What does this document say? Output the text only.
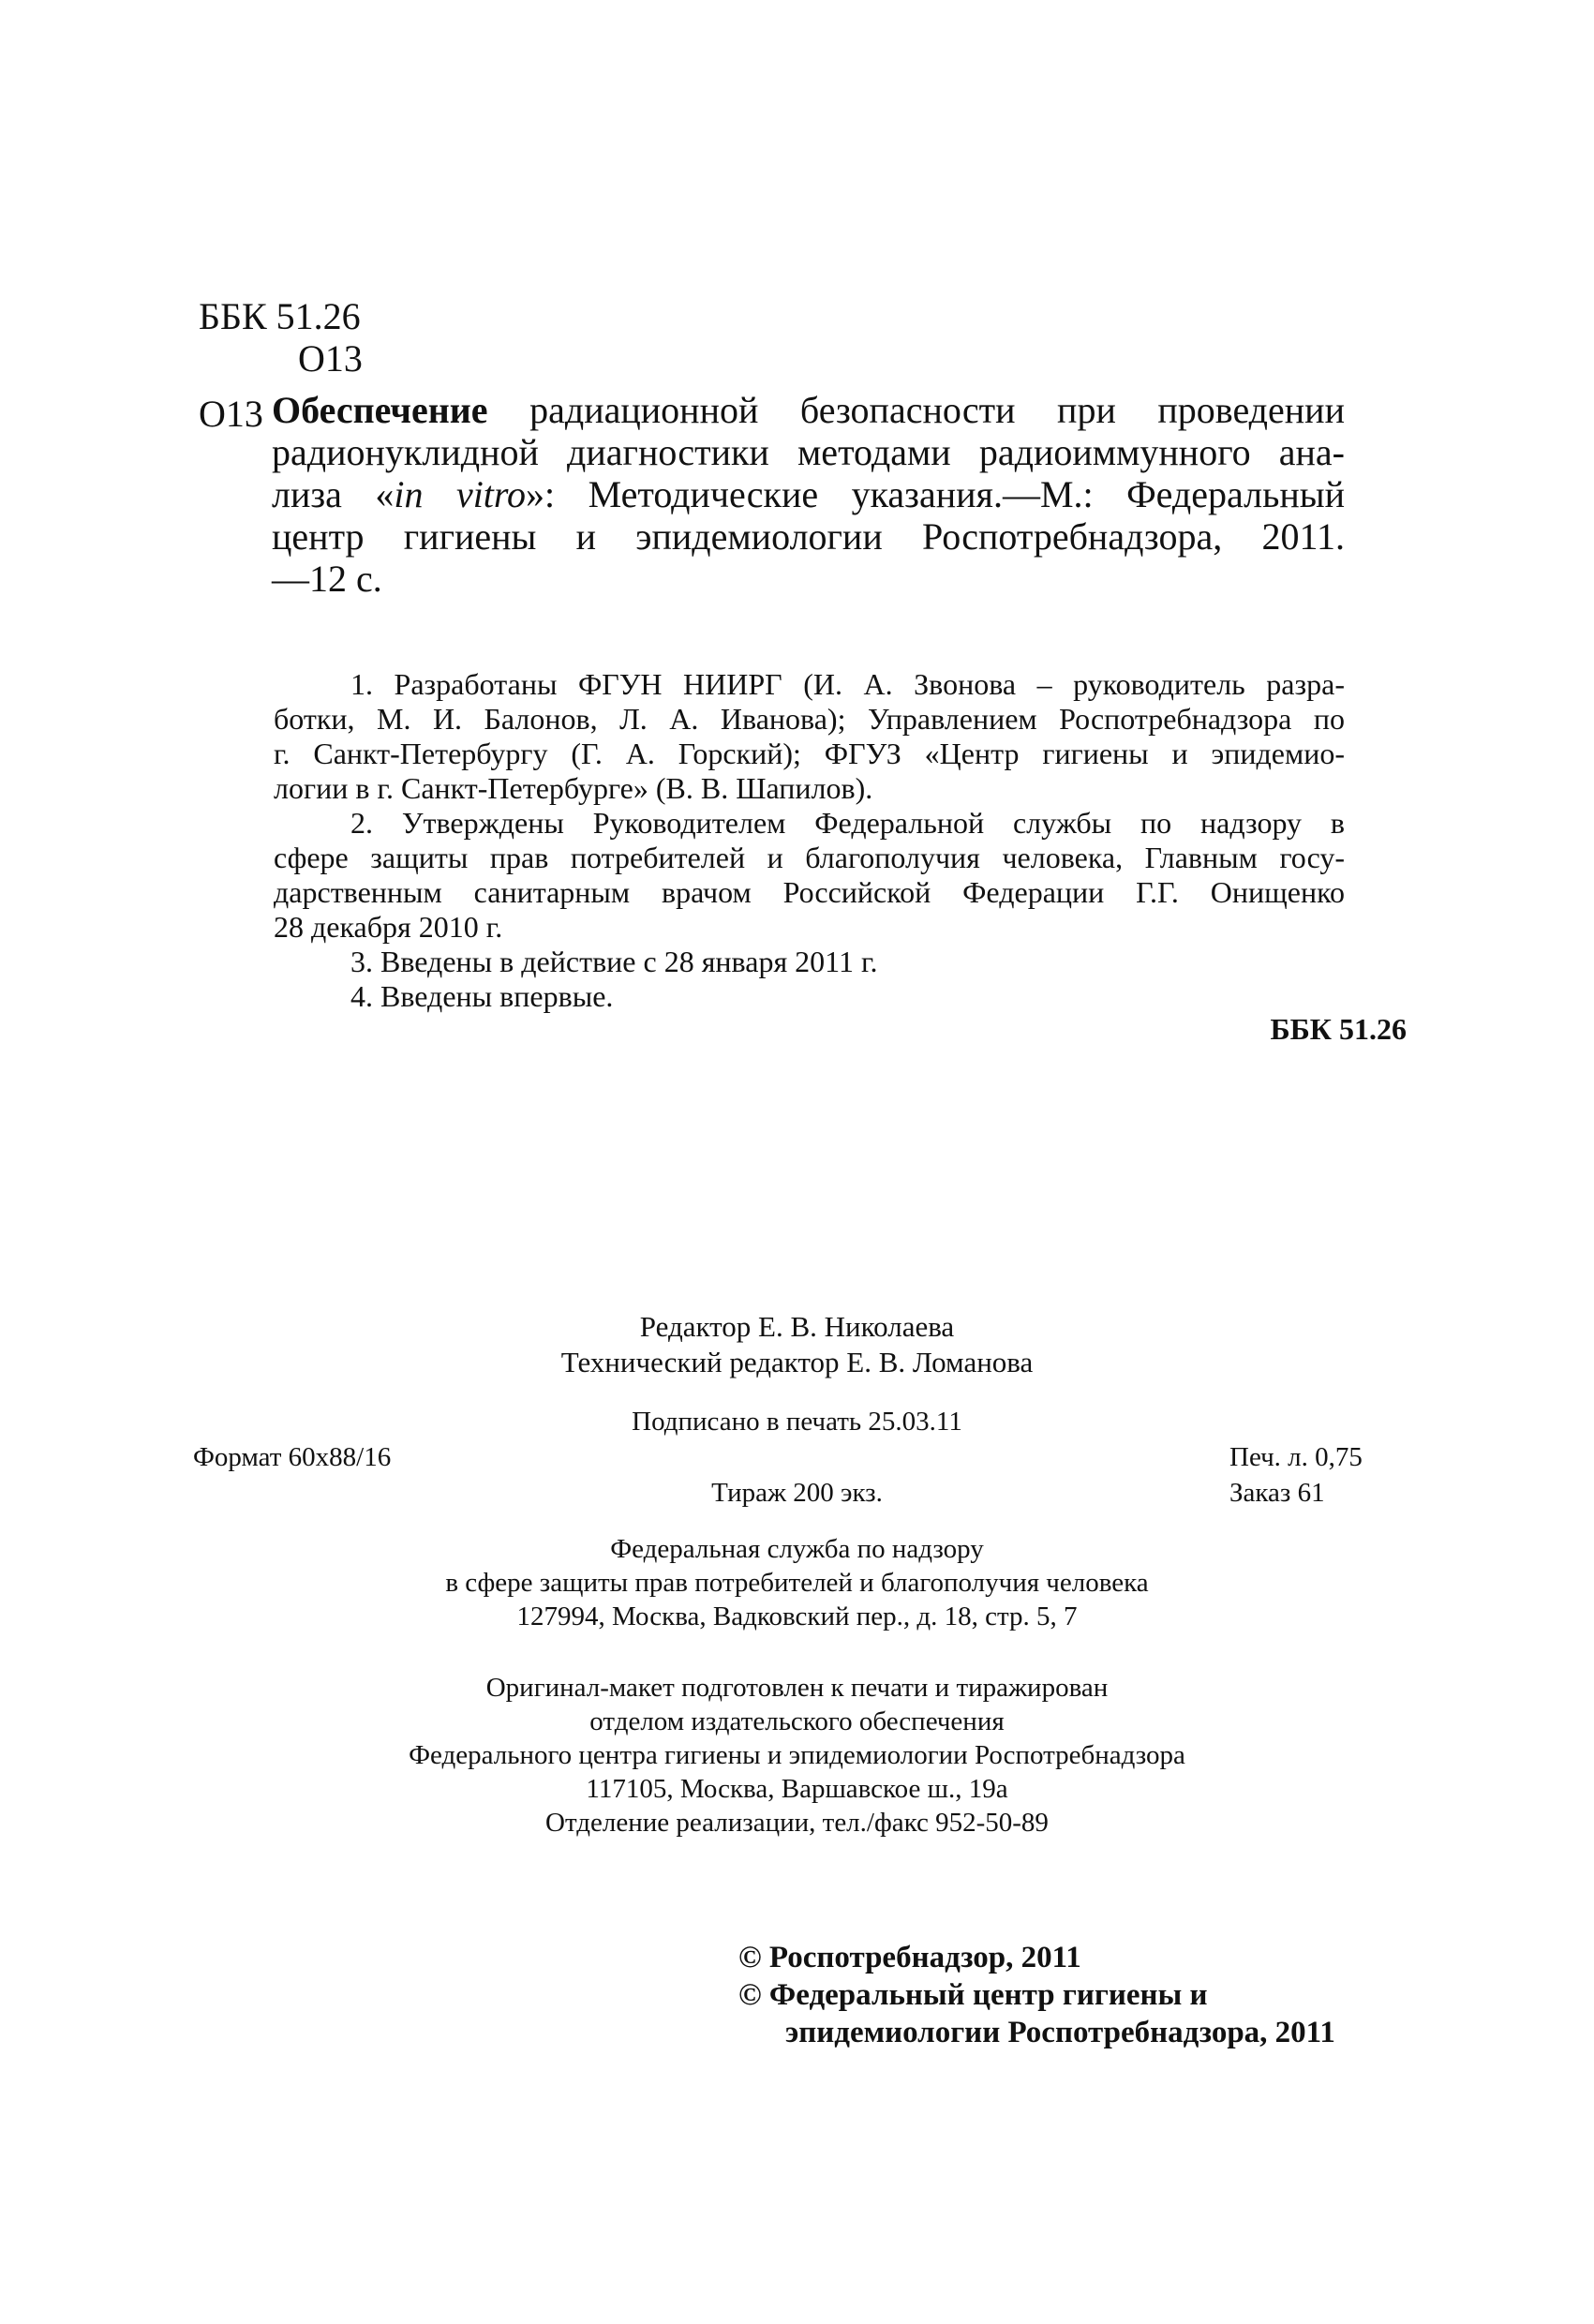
ББК 51.26
О13
О13 Обеспечение радиационной безопасности при проведении
радионуклидной диагностики методами радиоиммунного ана-
лиза «in vitro»: Методические указания.—М.: Федеральный
центр гигиены и эпидемиологии Роспотребнадзора, 2011.
—12 с.
1. Разработаны ФГУН НИИРГ (И. А. Звонова – руководитель разра-
ботки, М. И. Балонов, Л. А. Иванова); Управлением Роспотребнадзора по
г. Санкт-Петербургу (Г. А. Горский); ФГУЗ «Центр гигиены и эпидемио-
логии в г. Санкт-Петербурге» (В. В. Шапилов).
2. Утверждены Руководителем Федеральной службы по надзору в
сфере защиты прав потребителей и благополучия человека, Главным госу-
дарственным санитарным врачом Российской Федерации Г.Г. Онищенко
28 декабря 2010 г.
3. Введены в действие с 28 января 2011 г.
4. Введены впервые.
ББК 51.26
Редактор Е. В. Николаева
Технический редактор Е. В. Ломанова
Подписано в печать 25.03.11
Формат 60x88/16	Печ. л. 0,75
Тираж 200 экз.	Заказ 61
Федеральная служба по надзору
в сфере защиты прав потребителей и благополучия человека
127994, Москва, Вадковский пер., д. 18, стр. 5, 7
Оригинал-макет подготовлен к печати и тиражирован
отделом издательского обеспечения
Федерального центра гигиены и эпидемиологии Роспотребнадзора
117105, Москва, Варшавское ш., 19а
Отделение реализации, тел./факс 952-50-89
© Роспотребнадзор, 2011
© Федеральный центр гигиены и
эпидемиологии Роспотребнадзора, 2011
